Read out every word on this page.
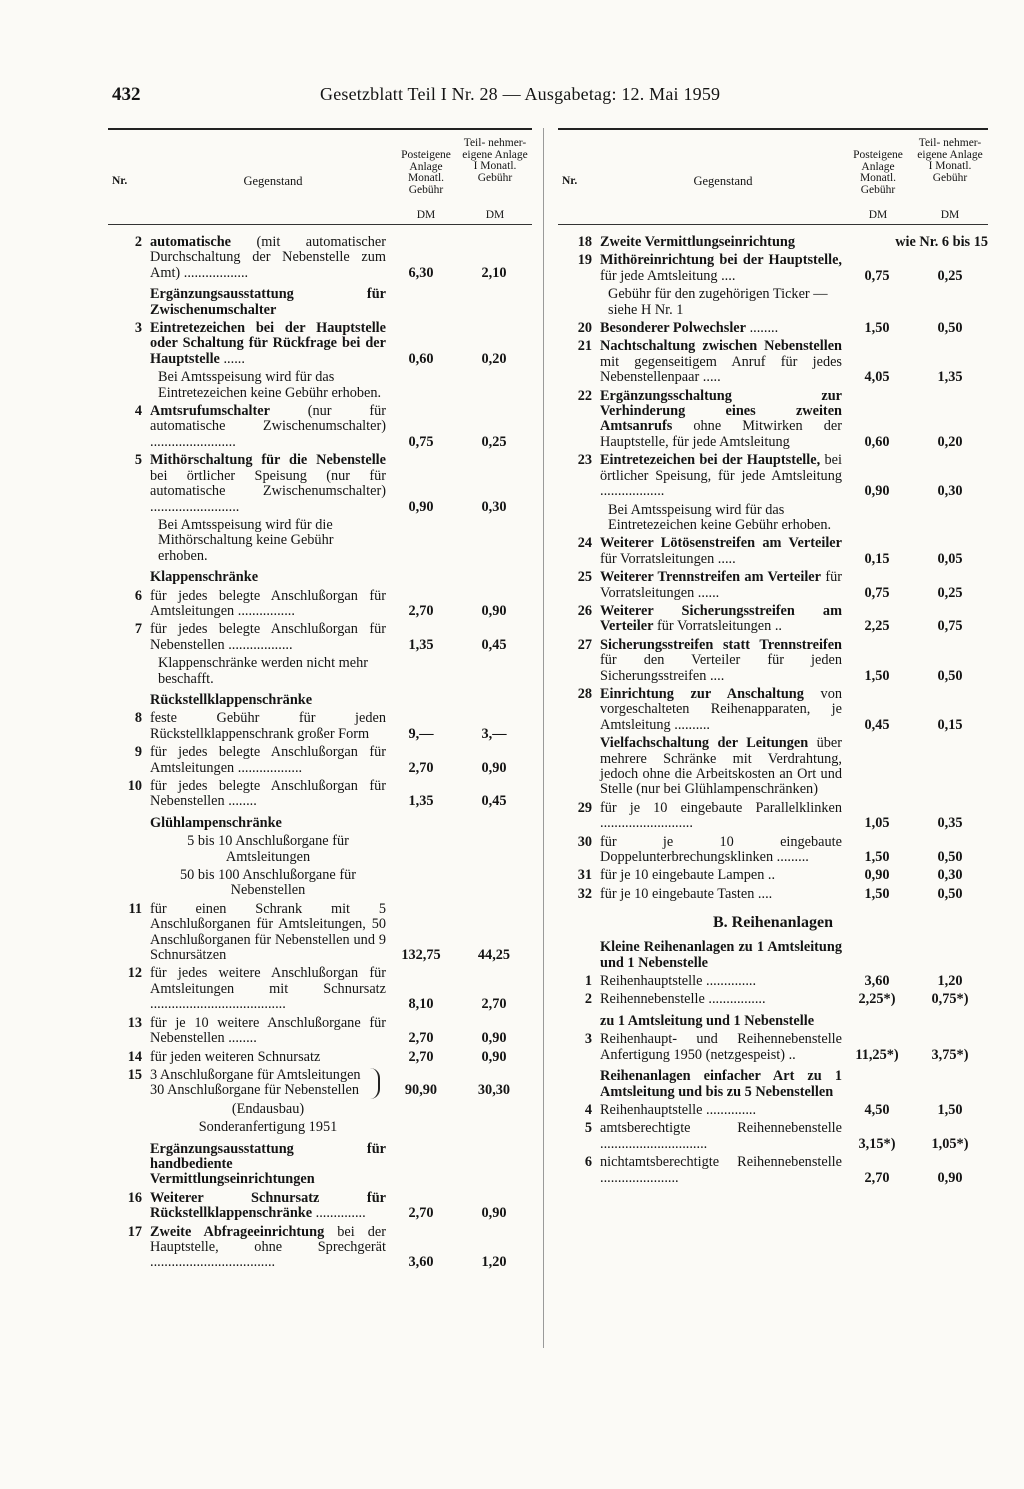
432	Gesetzblatt Teil I Nr. 28 — Ausgabetag: 12. Mai 1959
Nr.	Gegenstand
Posteigene Anlage Monatl. Gebühr
DM
Teil- nehmer- eigene Anlage I Monatl. Gebühr
DM
2 automatische (mit automatischer Durchschaltung der Nebenstelle zum Amt) ..................	6,30	2,10
Ergänzungsausstattung für Zwischenumschalter
3 Eintretezeichen bei der Hauptstelle oder Schaltung für Rückfrage bei der Hauptstelle ......	0,60	0,20
Bei Amtsspeisung wird für das Eintretezeichen keine Gebühr erhoben.
4 Amtsrufumschalter (nur für automatische Zwischenumschalter) ........................	0,75	0,25
5 Mithörschaltung für die Nebenstelle bei örtlicher Speisung (nur für automatische Zwischenumschalter) .........................	0,90	0,30
Bei Amtsspeisung wird für die Mithörschaltung keine Gebühr erhoben.
Klappenschränke
6 für jedes belegte Anschlußorgan für Amtsleitungen ................	2,70	0,90
7 für jedes belegte Anschlußorgan für Nebenstellen ..................	1,35	0,45
Klappenschränke werden nicht mehr beschafft.
Rückstellklappenschränke
8 feste Gebühr für jeden Rückstellklappenschrank großer Form	9,—	3,—
9 für jedes belegte Anschlußorgan für Amtsleitungen ..................	2,70	0,90
10 für jedes belegte Anschlußorgan für Nebenstellen ........	1,35	0,45
Glühlampenschränke
5 bis 10 Anschlußorgane für Amtsleitungen
50 bis 100 Anschlußorgane für Nebenstellen
11 für einen Schrank mit 5 Anschlußorganen für Amtsleitungen, 50 Anschlußorganen für Nebenstellen und 9 Schnursätzen	132,75	44,25
12 für jedes weitere Anschlußorgan für Amtsleitungen mit Schnursatz ......................................	8,10	2,70
13 für je 10 weitere Anschlußorgane für Nebenstellen ........	2,70	0,90
14 für jeden weiteren Schnursatz	2,70	0,90
15 3 Anschlußorgane für Amtsleitungen
30 Anschlußorgane für Nebenstellen	90,90	30,30
(Endausbau)
Sonderanfertigung 1951
Ergänzungsausstattung für handbediente Vermittlungseinrichtungen
16 Weiterer Schnursatz für Rückstellklappenschränke ..............	2,70	0,90
17 Zweite Abfrageeinrichtung bei der Hauptstelle, ohne Sprechgerät ...................................	3,60	1,20
Nr.	Gegenstand
Posteigene Anlage Monatl. Gebühr
DM
Teil- nehmer- eigene Anlage I Monatl. Gebühr
DM
18 Zweite Vermittlungseinrichtung	wie Nr. 6 bis 15
19 Mithöreinrichtung bei der Hauptstelle, für jede Amtsleitung ....	0,75	0,25
Gebühr für den zugehörigen Ticker — siehe H Nr. 1
20 Besonderer Polwechsler ........	1,50	0,50
21 Nachtschaltung zwischen Nebenstellen mit gegenseitigem Anruf für jedes Nebenstellenpaar .....	4,05	1,35
22 Ergänzungsschaltung zur Verhinderung eines zweiten Amtsanrufs ohne Mitwirken der Hauptstelle, für jede Amtsleitung	0,60	0,20
23 Eintretezeichen bei der Hauptstelle, bei örtlicher Speisung, für jede Amtsleitung ..................	0,90	0,30
Bei Amtsspeisung wird für das Eintretezeichen keine Gebühr erhoben.
24 Weiterer Lötösenstreifen am Verteiler für Vorratsleitungen .....	0,15	0,05
25 Weiterer Trennstreifen am Verteiler für Vorratsleitungen ......	0,75	0,25
26 Weiterer Sicherungsstreifen am Verteiler für Vorratsleitungen ..	2,25	0,75
27 Sicherungsstreifen statt Trennstreifen für den Verteiler für jeden Sicherungsstreifen ....	1,50	0,50
28 Einrichtung zur Anschaltung von vorgeschalteten Reihenapparaten, je Amtsleitung ..........	0,45	0,15
Vielfachschaltung der Leitungen über mehrere Schränke mit Verdrahtung, jedoch ohne die Arbeitskosten an Ort und Stelle (nur bei Glühlampenschränken)
29 für je 10 eingebaute Parallelklinken ..........................	1,05	0,35
30 für je 10 eingebaute Doppelunterbrechungsklinken .........	1,50	0,50
31 für je 10 eingebaute Lampen ..	0,90	0,30
32 für je 10 eingebaute Tasten ....	1,50	0,50
B. Reihenanlagen
Kleine Reihenanlagen zu 1 Amtsleitung und 1 Nebenstelle
1 Reihenhauptstelle ..............	3,60	1,20
2 Reihennebenstelle ................	2,25*)	0,75*)
zu 1 Amtsleitung und 1 Nebenstelle
3 Reihenhaupt- und Reihennebenstelle Anfertigung 1950 (netzgespeist) ..	11,25*)	3,75*)
Reihenanlagen einfacher Art zu 1 Amtsleitung und bis zu 5 Nebenstellen
4 Reihenhauptstelle ..............	4,50	1,50
5 amtsberechtigte Reihennebenstelle ..............................	3,15*)	1,05*)
6 nichtamtsberechtigte Reihennebenstelle ......................	2,70	0,90
